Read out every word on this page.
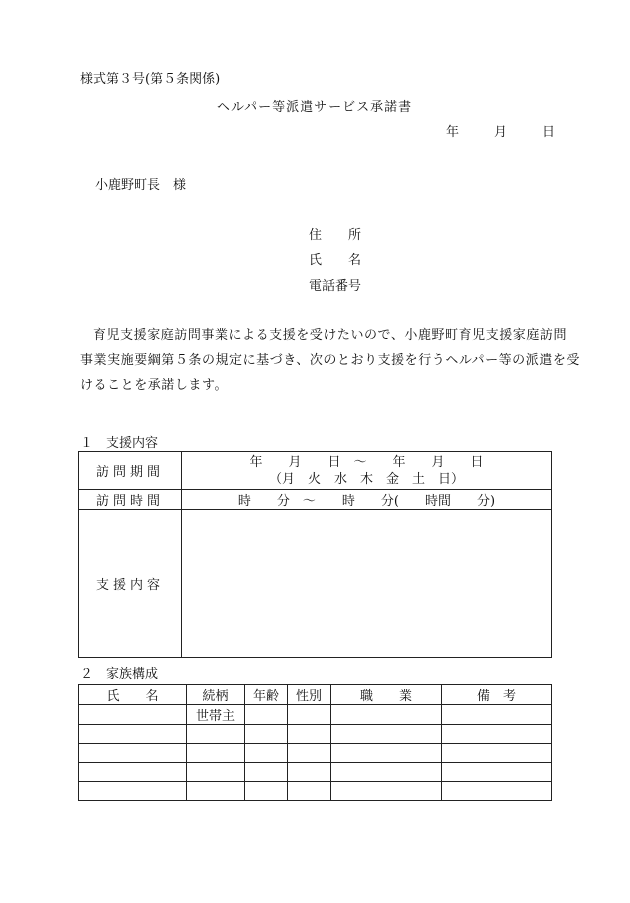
様式第３号(第５条関係)
ヘルパー等派遣サービス承諾書
年	月	日
小鹿野町長　様
住　　所
氏　　名
電話番号
育児支援家庭訪問事業による支援を受けたいので、小鹿野町育児支援家庭訪問事業実施要綱第５条の規定に基づき、次のとおり支援を行うヘルパー等の派遣を受けることを承諾します。
１　支援内容
訪問期間	年　　月　　日　～　　年　　月　　日
（月　火　水　木　金　土　日）

訪問時間	時　　分　～　　時　　分(　　時間　　分)
支援内容	
２　家族構成
氏　　名	続柄	年齢	性別	職　　業	備　考
	世帯主				
